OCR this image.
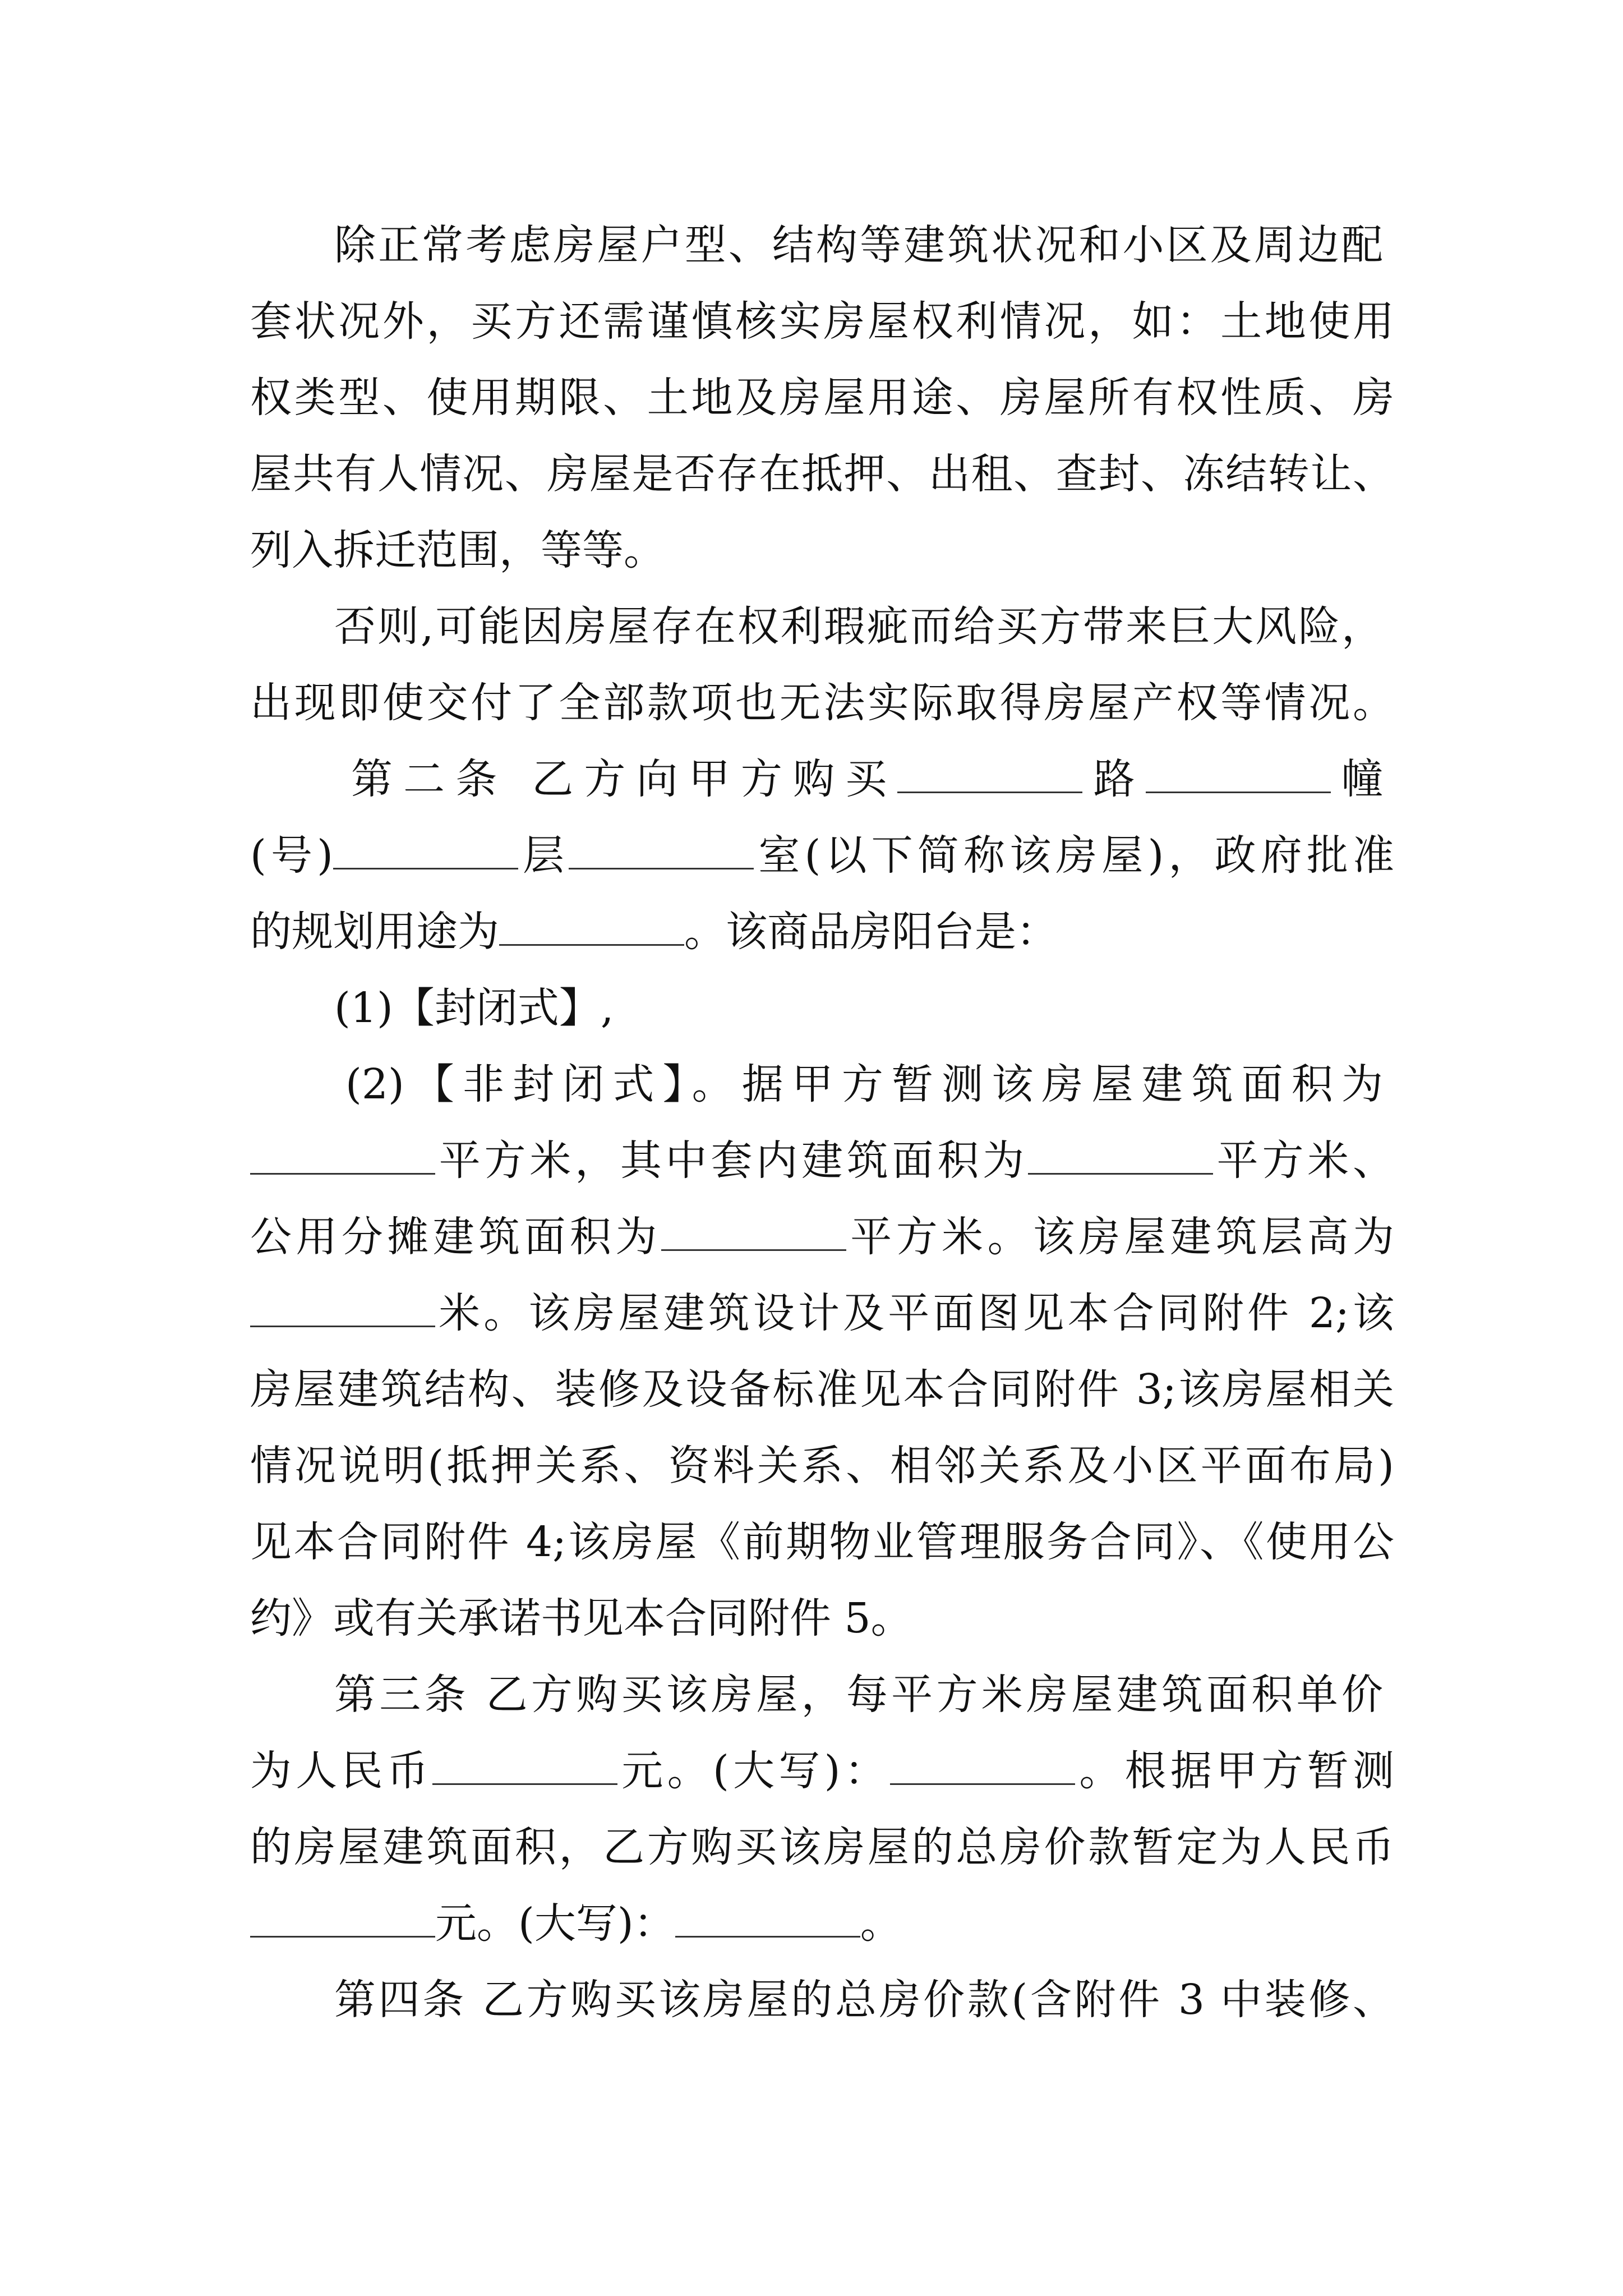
除正常考虑房屋户型、结构等建筑状况和小区及周边配
套状况外，买方还需谨慎核实房屋权利情况，如：土地使用
权类型、使用期限、土地及房屋用途、房屋所有权性质、房
屋共有人情况、房屋是否存在抵押、出租、查封、冻结转让、
列入拆迁范围，等等。
否则,可能因房屋存在权利瑕疵而给买方带来巨大风险，
出现即使交付了全部款项也无法实际取得房屋产权等情况。
第二条 乙方向甲方购买	路	幢
(号)	层	室(以下简称该房屋)，政府批准
的规划用途为	。该商品房阳台是：
(1)【封闭式】,
(2)【非封闭式】。据甲方暂测该房屋建筑面积为
平方米，其中套内建筑面积为	平方米、
公用分摊建筑面积为	平方米。该房屋建筑层高为
米。该房屋建筑设计及平面图见本合同附件 2;该
房屋建筑结构、装修及设备标准见本合同附件 3;该房屋相关
情况说明(抵押关系、资料关系、相邻关系及小区平面布局)
见本合同附件 4;该房屋《前期物业管理服务合同》、《使用公
约》或有关承诺书见本合同附件 5。
第三条 乙方购买该房屋，每平方米房屋建筑面积单价
为人民币	元。(大写)：	。根据甲方暂测
的房屋建筑面积，乙方购买该房屋的总房价款暂定为人民币
元。(大写)：	。
第四条 乙方购买该房屋的总房价款(含附件 3 中装修、
